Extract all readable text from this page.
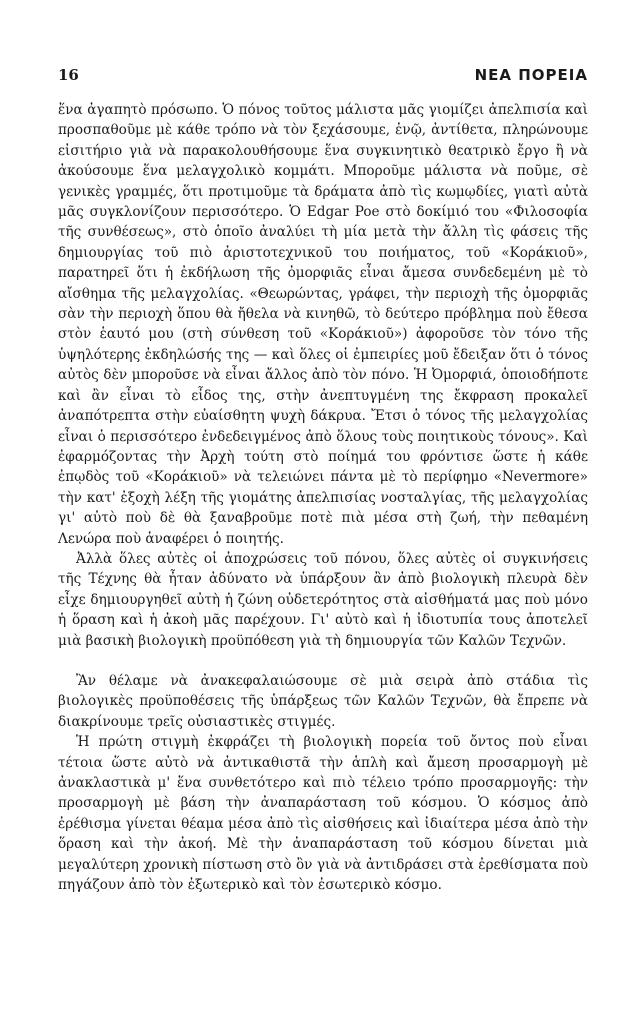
16	ΝΕΑ ΠΟΡΕΙΑ

ἕνα ἀγαπητὸ πρόσωπο. Ὁ πόνος τοῦτος μάλιστα μᾶς γιομίζει ἀπελπισία καὶ προσπαθοῦμε μὲ κάθε τρόπο νὰ τὸν ξεχάσουμε, ἐνῷ, ἀντίθετα, πληρώνουμε εἰσιτήριο γιὰ νὰ παρακολουθήσουμε ἕνα συγκινητικὸ θεατρικὸ ἔργο ἢ νὰ ἀκούσουμε ἕνα μελαγχολικὸ κομμάτι. Μποροῦμε μάλιστα νὰ ποῦμε, σὲ γενικὲς γραμμές, ὅτι προτιμοῦμε τὰ δράματα ἀπὸ τὶς κωμῳδίες, γιατὶ αὐτὰ μᾶς συγκλονίζουν περισσότερο. Ὁ Edgar Poe στὸ δοκίμιό του «Φιλοσοφία τῆς συνθέσεως», στὸ ὁποῖο ἀναλύει τὴ μία μετὰ τὴν ἄλλη τὶς φάσεις τῆς δημιουργίας τοῦ πιὸ ἀριστοτεχνικοῦ του ποιήματος, τοῦ «Κοράκιοῦ», παρατηρεῖ ὅτι ἡ ἐκδήλωση τῆς ὀμορφιᾶς εἶναι ἄμεσα συνδεδεμένη μὲ τὸ αἴσθημα τῆς μελαγχολίας. «Θεωρώντας, γράφει, τὴν περιοχὴ τῆς ὀμορφιᾶς σὰν τὴν περιοχὴ ὅπου θὰ ἤθελα νὰ κινηθῶ, τὸ δεύτερο πρόβλημα ποὺ ἔθεσα στὸν ἑαυτό μου (στὴ σύνθεση τοῦ «Κοράκιοῦ») ἀφοροῦσε τὸν τόνο τῆς ὑψηλότερης ἐκδηλώσής της — καὶ ὅλες οἱ ἐμπειρίες μοῦ ἔδειξαν ὅτι ὁ τόνος αὐτὸς δὲν μποροῦσε νὰ εἶναι ἄλλος ἀπὸ τὸν πόνο. Ἡ Ὀμορφιά, ὁποιοδήποτε καὶ ἂν εἶναι τὸ εἶδος της, στὴν ἀνεπτυγμένη της ἔκφραση προκαλεῖ ἀναπότρεπτα στὴν εὐαίσθητη ψυχὴ δάκρυα. Ἔτσι ὁ τόνος τῆς μελαγχολίας εἶναι ὁ περισσότερο ἐνδεδειγμένος ἀπὸ ὅλους τοὺς ποιητικοὺς τόνους». Καὶ ἐφαρμόζοντας τὴν Ἀρχὴ τούτη στὸ ποίημά του φρόντισε ὥστε ἡ κάθε ἐπῳδὸς τοῦ «Κοράκιοῦ» νὰ τελειώνει πάντα μὲ τὸ περίφημο «Nevermore» τὴν κατ' ἐξοχὴ λέξη τῆς γιομάτης ἀπελπισίας νοσταλγίας, τῆς μελαγχολίας γι' αὐτὸ ποὺ δὲ θὰ ξαναβροῦμε ποτὲ πιὰ μέσα στὴ ζωή, τὴν πεθαμένη Λενώρα ποὺ ἀναφέρει ὁ ποιητής.

Ἀλλὰ ὅλες αὐτὲς οἱ ἀποχρώσεις τοῦ πόνου, ὅλες αὐτὲς οἱ συγκινήσεις τῆς Τέχνης θὰ ἦταν ἀδύνατο νὰ ὑπάρξουν ἂν ἀπὸ βιολογικὴ πλευρὰ δὲν εἶχε δημιουργηθεῖ αὐτὴ ἡ ζώνη οὐδετερότητος στὰ αἰσθήματά μας ποὺ μόνο ἡ ὅραση καὶ ἡ ἀκοὴ μᾶς παρέχουν. Γι' αὐτὸ καὶ ἡ ἰδιοτυπία τους ἀποτελεῖ μιὰ βασικὴ βιολογικὴ προϋπόθεση γιὰ τὴ δημιουργία τῶν Καλῶν Τεχνῶν.

Ἂν θέλαμε νὰ ἀνακεφαλαιώσουμε σὲ μιὰ σειρὰ ἀπὸ στάδια τὶς βιολογικὲς προϋποθέσεις τῆς ὑπάρξεως τῶν Καλῶν Τεχνῶν, θὰ ἔπρεπε νὰ διακρίνουμε τρεῖς οὐσιαστικὲς στιγμές.

Ἡ πρώτη στιγμὴ ἐκφράζει τὴ βιολογικὴ πορεία τοῦ ὄντος ποὺ εἶναι τέτοια ὥστε αὐτὸ νὰ ἀντικαθιστᾶ τὴν ἁπλὴ καὶ ἄμεση προσαρμογὴ μὲ ἀνακλαστικὰ μ' ἕνα συνθετότερο καὶ πιὸ τέλειο τρόπο προσαρμογῆς: τὴν προσαρμογὴ μὲ βάση τὴν ἀναπαράσταση τοῦ κόσμου. Ὁ κόσμος ἀπὸ ἐρέθισμα γίνεται θέαμα μέσα ἀπὸ τὶς αἰσθήσεις καὶ ἰδιαίτερα μέσα ἀπὸ τὴν ὅραση καὶ τὴν ἀκοή. Μὲ τὴν ἀναπαράσταση τοῦ κόσμου δίνεται μιὰ μεγαλύτερη χρονικὴ πίστωση στὸ ὂν γιὰ νὰ ἀντιδράσει στὰ ἐρεθίσματα ποὺ πηγάζουν ἀπὸ τὸν ἐξωτερικὸ καὶ τὸν ἐσωτερικὸ κόσμο.
